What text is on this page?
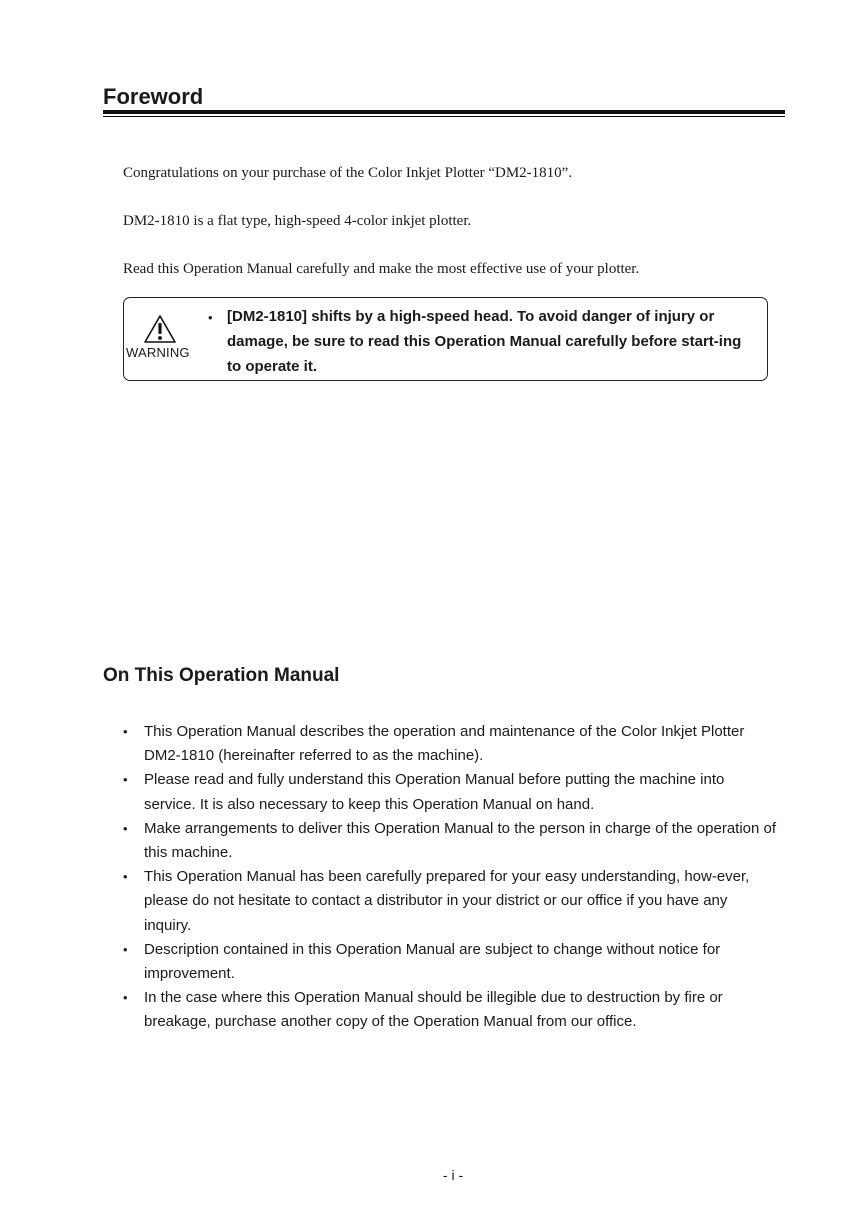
Foreword

Congratulations on your purchase of the Color Inkjet Plotter “DM2-1810”.

DM2-1810 is a flat type, high-speed 4-color inkjet plotter.

Read this Operation Manual carefully and make the most effective use of your plotter.

WARNING
• [DM2-1810] shifts by a high-speed head. To avoid danger of injury or damage, be sure to read this Operation Manual carefully before start-ing to operate it.

On This Operation Manual
• This Operation Manual describes the operation and maintenance of the Color Inkjet Plotter DM2-1810 (hereinafter referred to as the machine).
• Please read and fully understand this Operation Manual before putting the machine into service. It is also necessary to keep this Operation Manual on hand.
• Make arrangements to deliver this Operation Manual to the person in charge of the operation of this machine.
• This Operation Manual has been carefully prepared for your easy understanding, how-ever, please do not hesitate to contact a distributor in your district or our office if you have any inquiry.
• Description contained in this Operation Manual are subject to change without notice for improvement.
• In the case where this Operation Manual should be illegible due to destruction by fire or breakage, purchase another copy of the Operation Manual from our office.
- i -
